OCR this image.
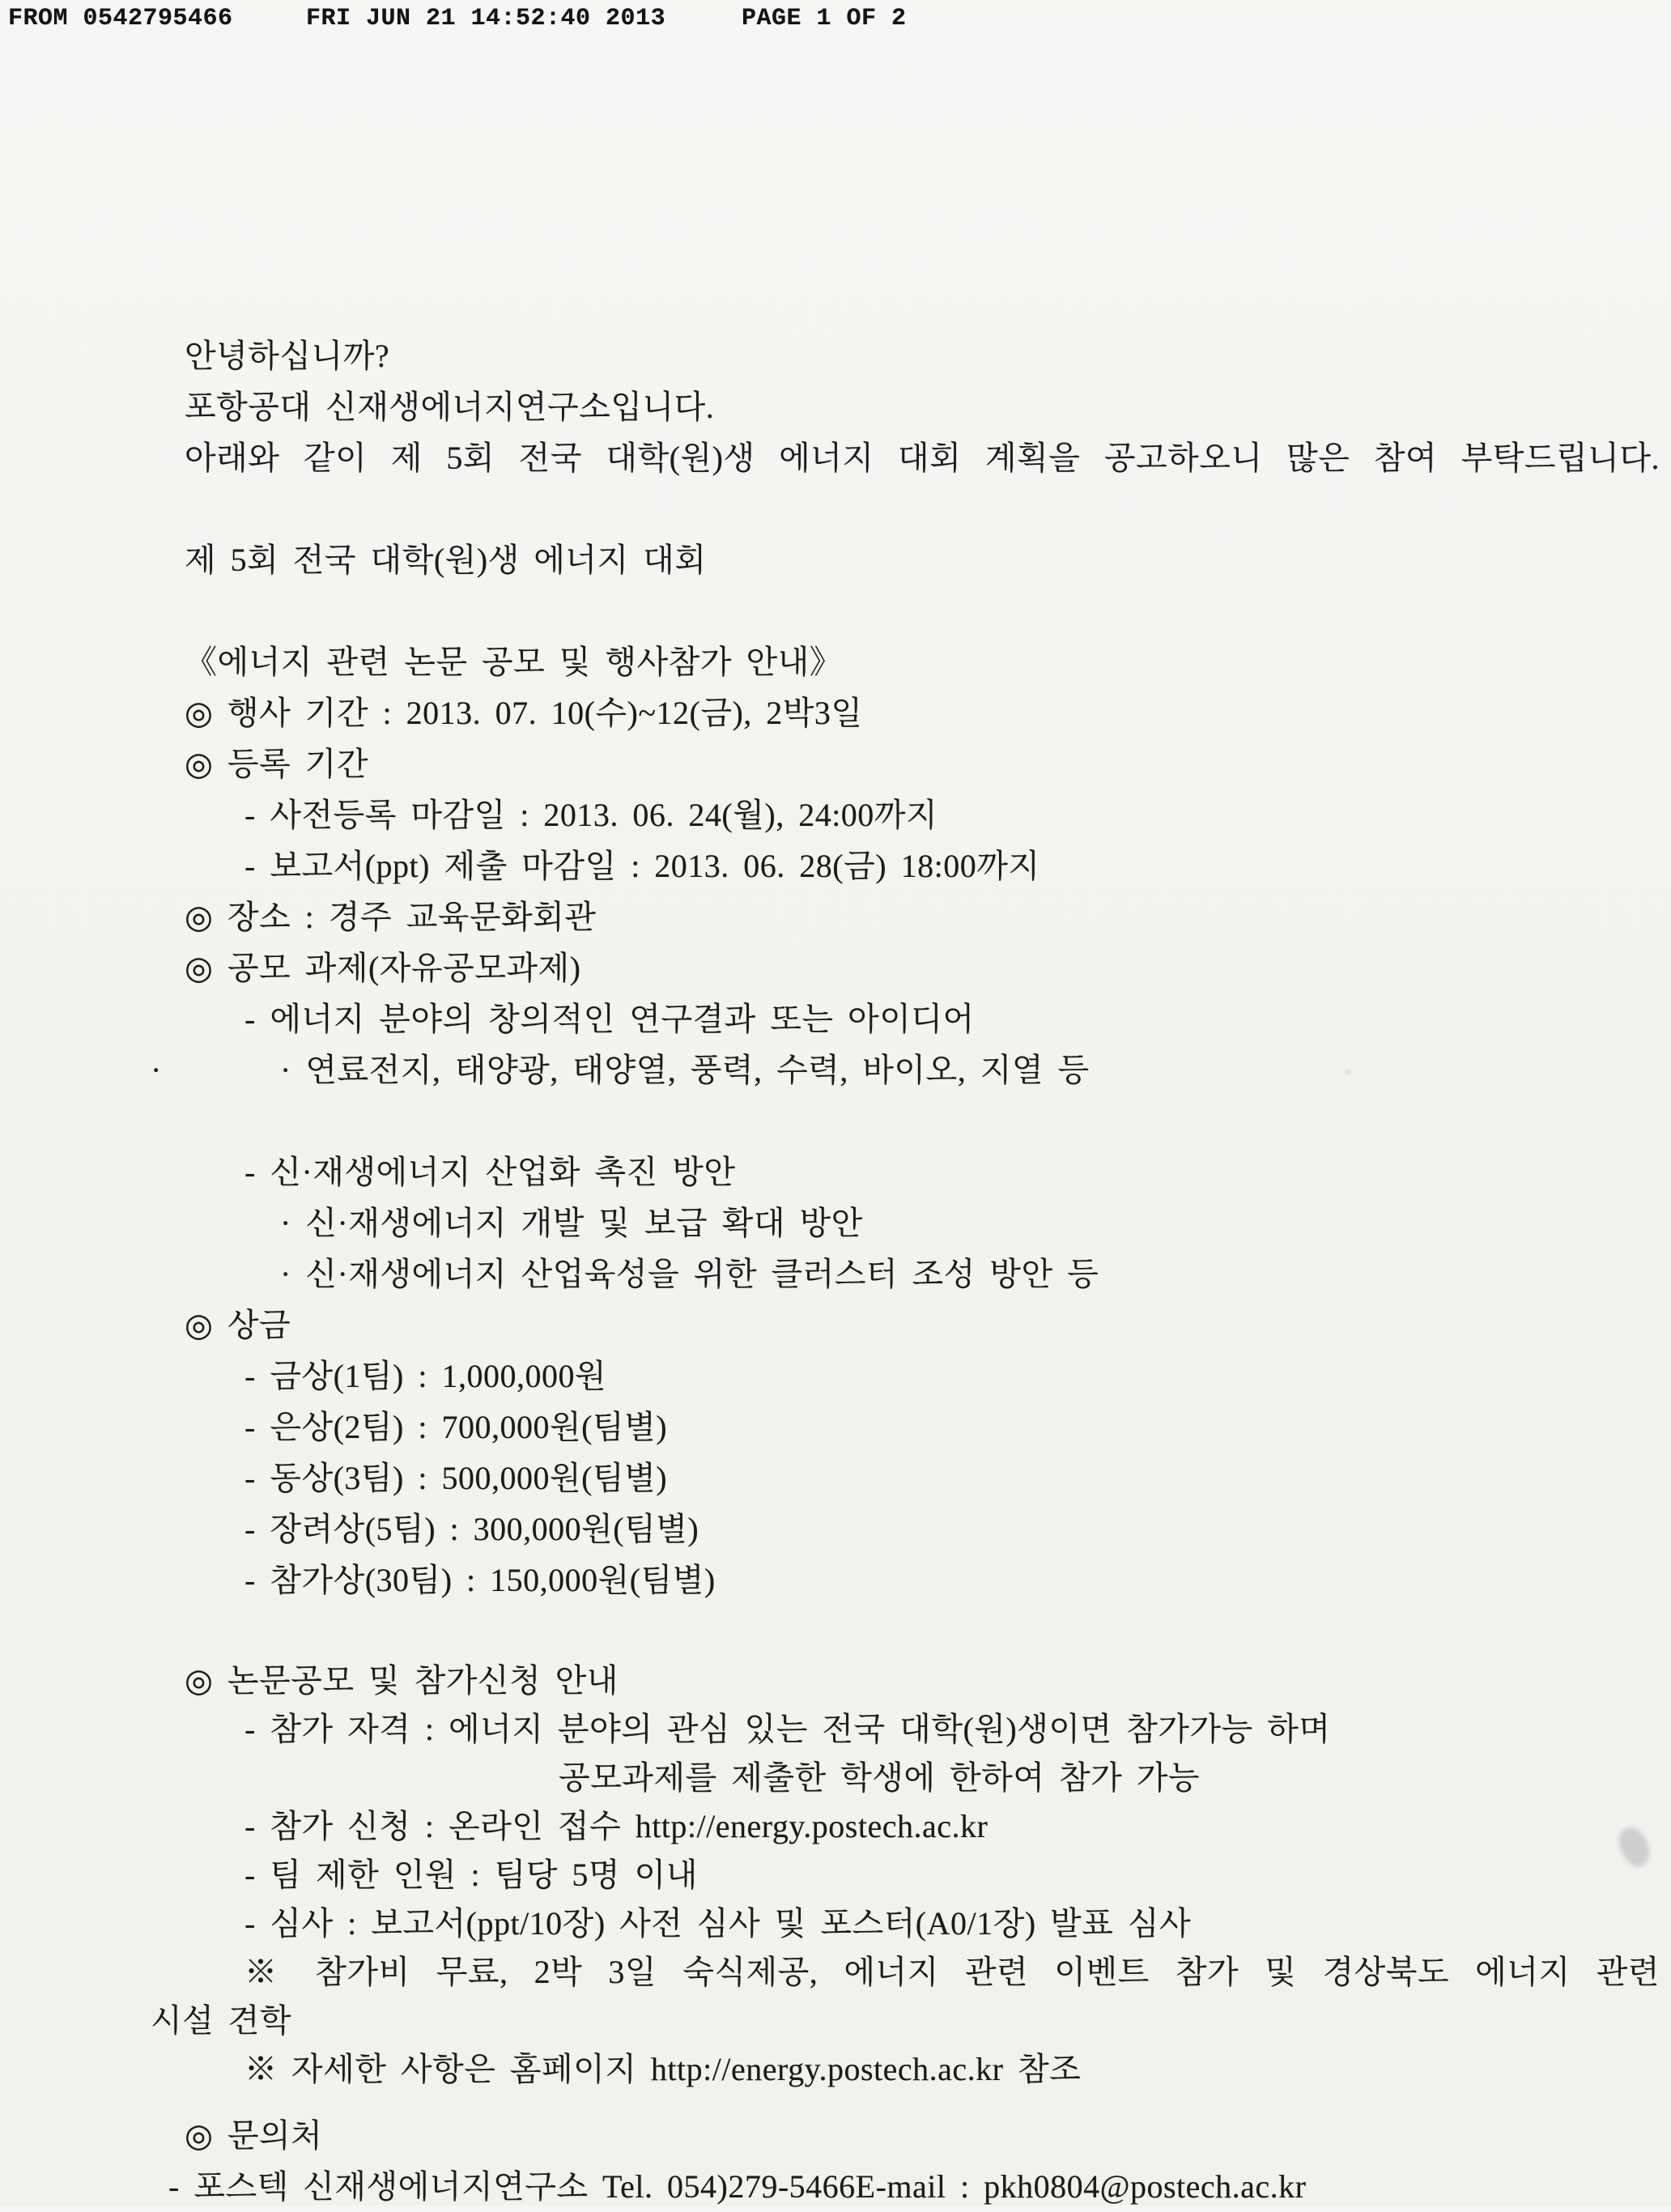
FROM 0542795466	FRI JUN 21 14:52:40 2013	PAGE 1 OF 2
안녕하십니까?
포항공대 신재생에너지연구소입니다.
아래와 같이 제 5회 전국 대학(원)생 에너지 대회 계획을 공고하오니 많은 참여 부탁드립니다.
제 5회 전국 대학(원)생 에너지 대회
《에너지 관련 논문 공모 및 행사참가 안내》
◎ 행사 기간 : 2013. 07. 10(수)~12(금), 2박3일
◎ 등록 기간
- 사전등록 마감일 : 2013. 06. 24(월), 24:00까지
- 보고서(ppt) 제출 마감일 : 2013. 06. 28(금) 18:00까지
◎ 장소 : 경주 교육문화회관
◎ 공모 과제(자유공모과제)
- 에너지 분야의 창의적인 연구결과 또는 아이디어
·	· 연료전지, 태양광, 태양열, 풍력, 수력, 바이오, 지열 등
- 신·재생에너지 산업화 촉진 방안
· 신·재생에너지 개발 및 보급 확대 방안
· 신·재생에너지 산업육성을 위한 클러스터 조성 방안 등
◎ 상금
- 금상(1팀) : 1,000,000원
- 은상(2팀) : 700,000원(팀별)
- 동상(3팀) : 500,000원(팀별)
- 장려상(5팀) : 300,000원(팀별)
- 참가상(30팀) : 150,000원(팀별)
◎ 논문공모 및 참가신청 안내
- 참가 자격 : 에너지 분야의 관심 있는 전국 대학(원)생이면 참가가능 하며
공모과제를 제출한 학생에 한하여 참가 가능
- 참가 신청 : 온라인 접수 http://energy.postech.ac.kr
- 팀 제한 인원 : 팀당 5명 이내
- 심사 : 보고서(ppt/10장) 사전 심사 및 포스터(A0/1장) 발표 심사
※ 참가비 무료, 2박 3일 숙식제공, 에너지 관련 이벤트 참가 및 경상북도 에너지 관련
시설 견학
※ 자세한 사항은 홈페이지 http://energy.postech.ac.kr 참조
◎ 문의처
- 포스텍 신재생에너지연구소 Tel. 054)279-5466E-mail : pkh0804@postech.ac.kr
